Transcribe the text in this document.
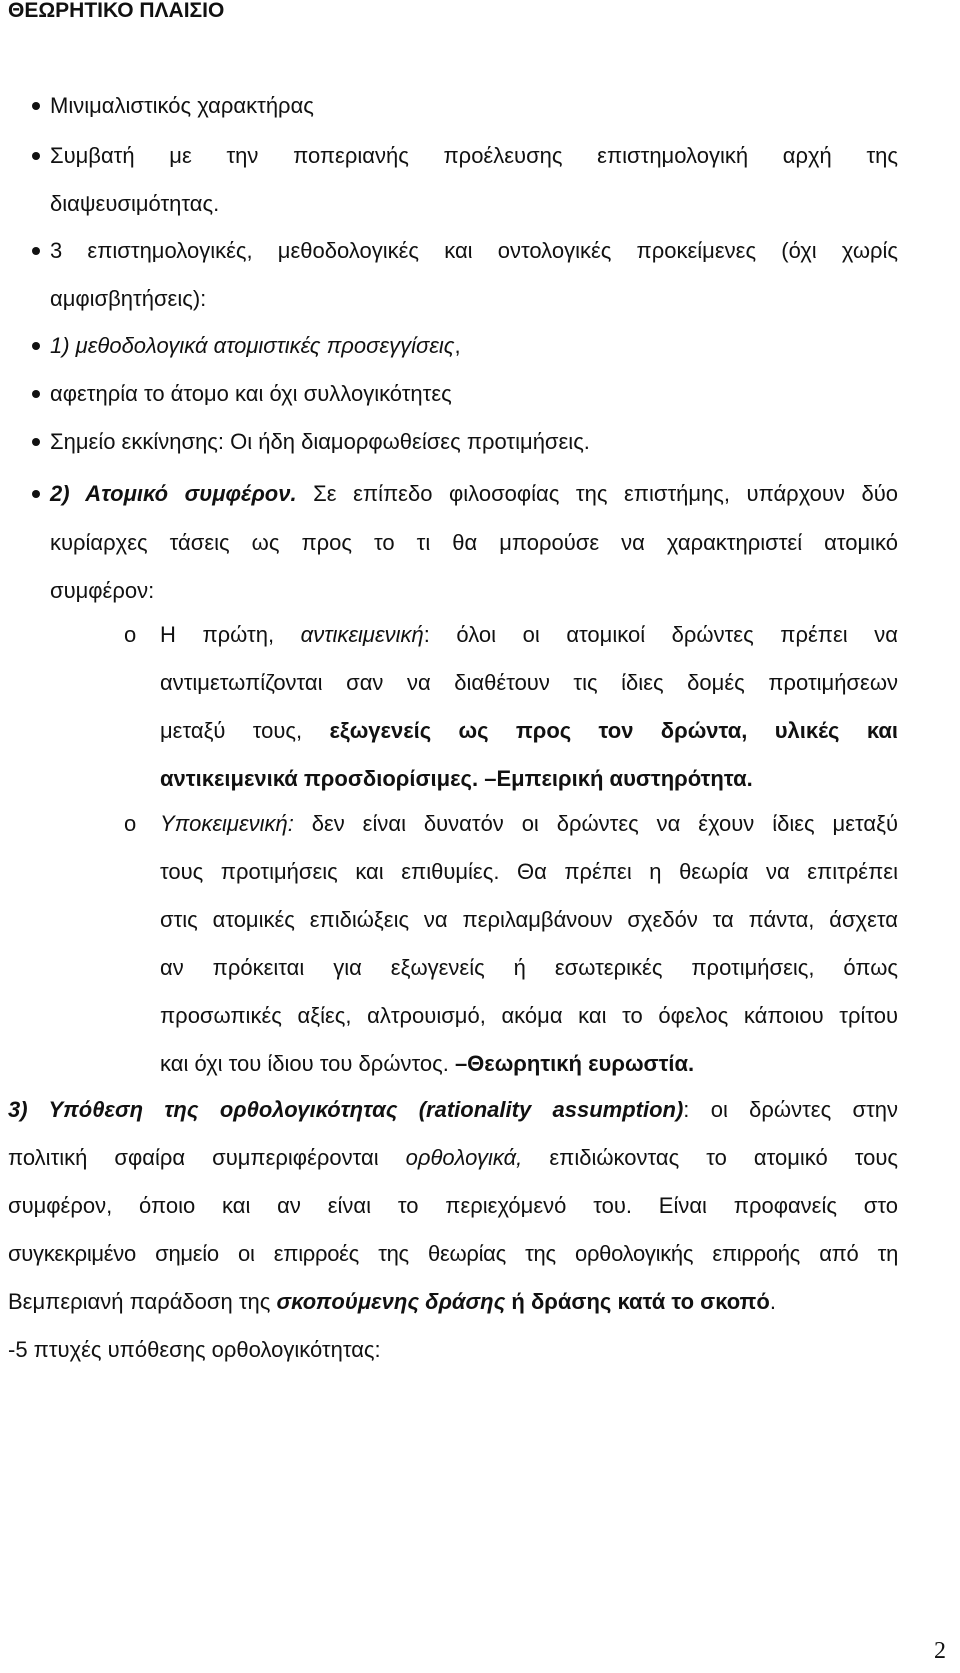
ΘΕΩΡΗΤΙΚΟ ΠΛΑΙΣΙΟ

Μινιμαλιστικός χαρακτήρας

Συμβατή με την ποπεριανής προέλευσης επιστημολογική αρχή της

διαψευσιμότητας.

3 επιστημολογικές, μεθοδολογικές και οντολογικές προκείμενες (όχι χωρίς

αμφισβητήσεις):

1) μεθοδολογικά ατομιστικές προσεγγίσεις,

αφετηρία το άτομο και όχι συλλογικότητες

Σημείο εκκίνησης: Οι ήδη διαμορφωθείσες προτιμήσεις.

2) Ατομικό συμφέρον. Σε επίπεδο φιλοσοφίας της επιστήμης, υπάρχουν δύο

κυρίαρχες τάσεις ως προς το τι θα μπορούσε να χαρακτηριστεί ατομικό

συμφέρον:

o Η πρώτη, αντικειμενική: όλοι οι ατομικοί δρώντες πρέπει να

αντιμετωπίζονται σαν να διαθέτουν τις ίδιες δομές προτιμήσεων

μεταξύ τους, εξωγενείς ως προς τον δρώντα, υλικές και

αντικειμενικά προσδιορίσιμες. –Εμπειρική αυστηρότητα.

o Υποκειμενική: δεν είναι δυνατόν οι δρώντες να έχουν ίδιες μεταξύ

τους προτιμήσεις και επιθυμίες. Θα πρέπει η θεωρία να επιτρέπει

στις ατομικές επιδιώξεις να περιλαμβάνουν σχεδόν τα πάντα, άσχετα

αν πρόκειται για εξωγενείς ή εσωτερικές προτιμήσεις, όπως

προσωπικές αξίες, αλτρουισμό, ακόμα και το όφελος κάποιου τρίτου

και όχι του ίδιου του δρώντος. –Θεωρητική ευρωστία.

3) Υπόθεση της ορθολογικότητας (rationality assumption): οι δρώντες στην

πολιτική σφαίρα συμπεριφέρονται ορθολογικά, επιδιώκοντας το ατομικό τους

συμφέρον, όποιο και αν είναι το περιεχόμενό του. Είναι προφανείς στο

συγκεκριμένο σημείο οι επιρροές της θεωρίας της ορθολογικής επιρροής από τη

Βεμπεριανή παράδοση της σκοπούμενης δράσης ή δράσης κατά το σκοπό.

-5 πτυχές υπόθεσης ορθολογικότητας:

2
